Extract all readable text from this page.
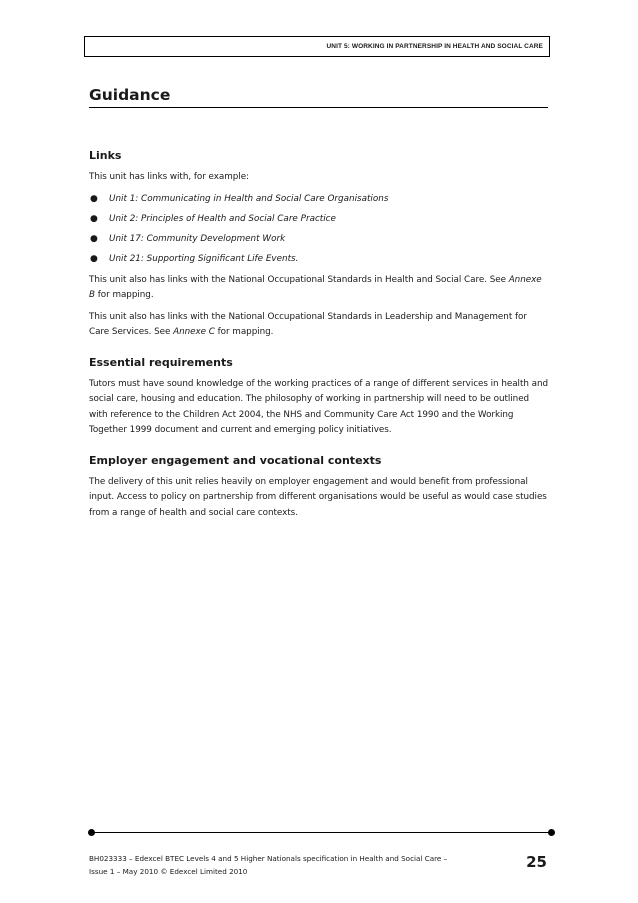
UNIT 5: WORKING IN PARTNERSHIP IN HEALTH AND SOCIAL CARE
Guidance
Links

This unit has links with, for example:

● Unit 1: Communicating in Health and Social Care Organisations
● Unit 2: Principles of Health and Social Care Practice
● Unit 17: Community Development Work
● Unit 21: Supporting Significant Life Events.

This unit also has links with the National Occupational Standards in Health and Social Care. See Annexe B for mapping.

This unit also has links with the National Occupational Standards in Leadership and Management for Care Services. See Annexe C for mapping.

Essential requirements

Tutors must have sound knowledge of the working practices of a range of different services in health and social care, housing and education. The philosophy of working in partnership will need to be outlined with reference to the Children Act 2004, the NHS and Community Care Act 1990 and the Working Together 1999 document and current and emerging policy initiatives.

Employer engagement and vocational contexts

The delivery of this unit relies heavily on employer engagement and would benefit from professional input. Access to policy on partnership from different organisations would be useful as would case studies from a range of health and social care contexts.

BH023333 – Edexcel BTEC Levels 4 and 5 Higher Nationals specification in Health and Social Care –
Issue 1 – May 2010 © Edexcel Limited 2010
25
